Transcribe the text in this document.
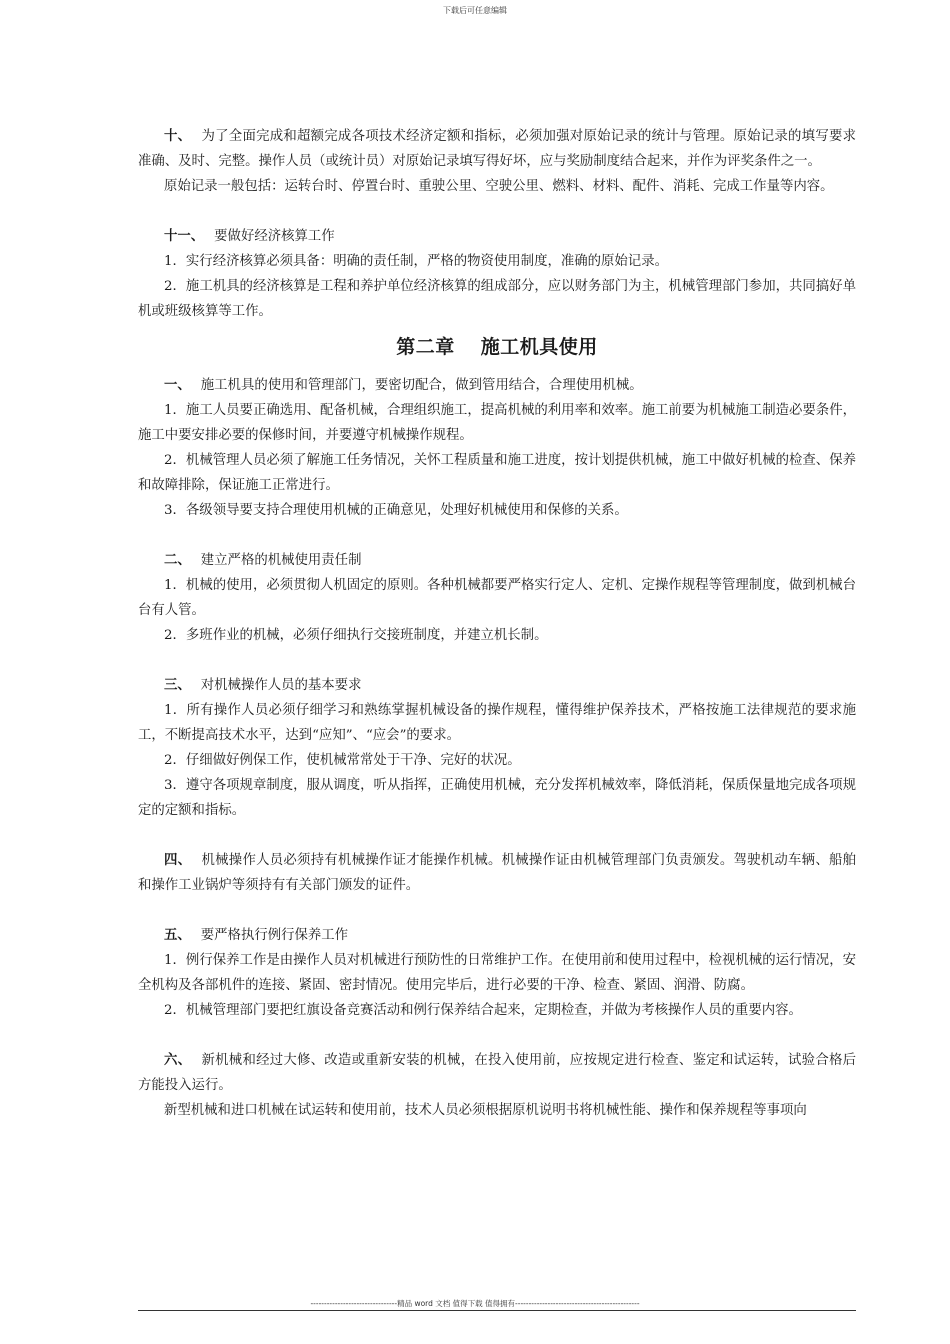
下载后可任意编辑

十、 为了全面完成和超额完成各项技术经济定额和指标，必须加强对原始记录的统计与管理。原始记录的填写要求准确、及时、完整。操作人员（或统计员）对原始记录填写得好坏，应与奖励制度结合起来，并作为评奖条件之一。

原始记录一般包括：运转台时、停置台时、重驶公里、空驶公里、燃料、材料、配件、消耗、完成工作量等内容。

十一、 要做好经济核算工作

1．实行经济核算必须具备：明确的责任制，严格的物资使用制度，准确的原始记录。

2．施工机具的经济核算是工程和养护单位经济核算的组成部分，应以财务部门为主，机械管理部门参加，共同搞好单机或班级核算等工作。

第二章 施工机具使用

一、 施工机具的使用和管理部门，要密切配合，做到管用结合，合理使用机械。

1．施工人员要正确选用、配备机械，合理组织施工，提高机械的利用率和效率。施工前要为机械施工制造必要条件，施工中要安排必要的保修时间，并要遵守机械操作规程。

2．机械管理人员必须了解施工任务情况，关怀工程质量和施工进度，按计划提供机械，施工中做好机械的检查、保养和故障排除，保证施工正常进行。

3．各级领导要支持合理使用机械的正确意见，处理好机械使用和保修的关系。

二、 建立严格的机械使用责任制

1．机械的使用，必须贯彻人机固定的原则。各种机械都要严格实行定人、定机、定操作规程等管理制度，做到机械台台有人管。

2．多班作业的机械，必须仔细执行交接班制度，并建立机长制。

三、 对机械操作人员的基本要求

1．所有操作人员必须仔细学习和熟练掌握机械设备的操作规程，懂得维护保养技术，严格按施工法律规范的要求施工，不断提高技术水平，达到“应知”、“应会”的要求。

2．仔细做好例保工作，使机械常常处于干净、完好的状况。

3．遵守各项规章制度，服从调度，听从指挥，正确使用机械，充分发挥机械效率，降低消耗，保质保量地完成各项规定的定额和指标。

四、 机械操作人员必须持有机械操作证才能操作机械。机械操作证由机械管理部门负责颁发。驾驶机动车辆、船舶和操作工业锅炉等须持有有关部门颁发的证件。

五、 要严格执行例行保养工作

1．例行保养工作是由操作人员对机械进行预防性的日常维护工作。在使用前和使用过程中，检视机械的运行情况，安全机构及各部机件的连接、紧固、密封情况。使用完毕后，进行必要的干净、检查、紧固、润滑、防腐。

2．机械管理部门要把红旗设备竞赛活动和例行保养结合起来，定期检查，并做为考核操作人员的重要内容。

六、 新机械和经过大修、改造或重新安装的机械，在投入使用前，应按规定进行检查、鉴定和试运转，试验合格后方能投入运行。

新型机械和进口机械在试运转和使用前，技术人员必须根据原机说明书将机械性能、操作和保养规程等事项向

--------------------------------精品 word 文档 值得下载 值得拥有----------------------------------------------
